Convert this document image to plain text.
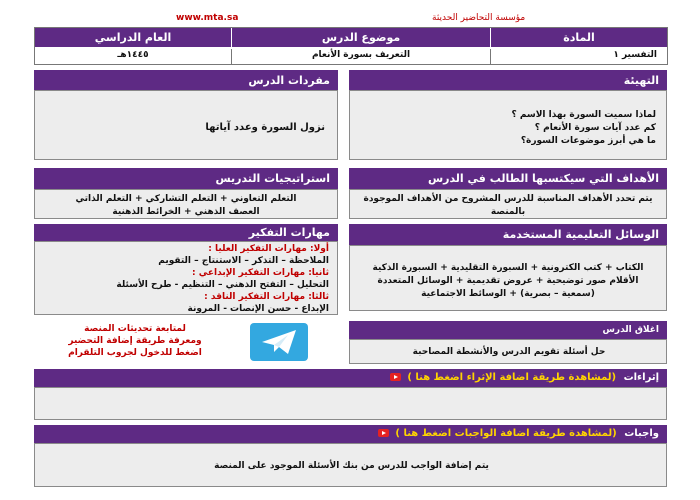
www.mta.sa	مؤسسة التحاضير الحديثة
المادة
موضوع الدرس
العام الدراسي
التفسير ١
التعريف بسورة الأنعام
١٤٤٥هـ
التهيئة
لماذا سميت السورة بهذا الاسم ؟
كم عدد آيات سورة الأنعام ؟
ما هي أبرز موضوعات السورة؟
مفردات الدرس
نزول السورة وعدد آياتها
الأهداف التي سيكتسبها الطالب في الدرس
يتم تحدد الأهداف المناسبة للدرس المشروح من الأهداف الموجودة
بالمنصة
استراتيجيات التدريس
التعلم التعاوني + التعلم التشاركي + التعلم الذاتي
العصف الذهني + الخرائط الذهنية
الوسائل التعليمية المستخدمة
الكتاب + كتب الكترونية + السبورة التقليدية + السبورة الذكية
الأقلام صور توضيحية + عروض تقديمية + الوسائل المتعددة
(سمعية – بصرية) + الوسائط الاجتماعية
مهارات التفكير
أولا: مهارات التفكير العليا :
الملاحظة – التذكر – الاستنتاج – التقويم
ثانيا: مهارات التفكير الإبداعي :
التحليل – التفتح الذهني – التنظيم - طرح الأسئلة
ثالثا: مهارات التفكير الناقد :
الإبداع - حسن الإنصات - المرونة
لمتابعة تحديثات المنصة
ومعرفة طريقة إضافة التحضير
اضغط للدخول لجروب التلقرام
اغلاق الدرس
حل أسئلة تقويم الدرس والأنشطة المصاحبة
إثراءات (لمشاهدة طريقة اضافة الإثراء اضغط هنا )
واجبات (لمشاهدة طريقة اضافة الواجبات اضغط هنا )
يتم إضافة الواجب للدرس من بنك الأسئلة الموجود على المنصة
